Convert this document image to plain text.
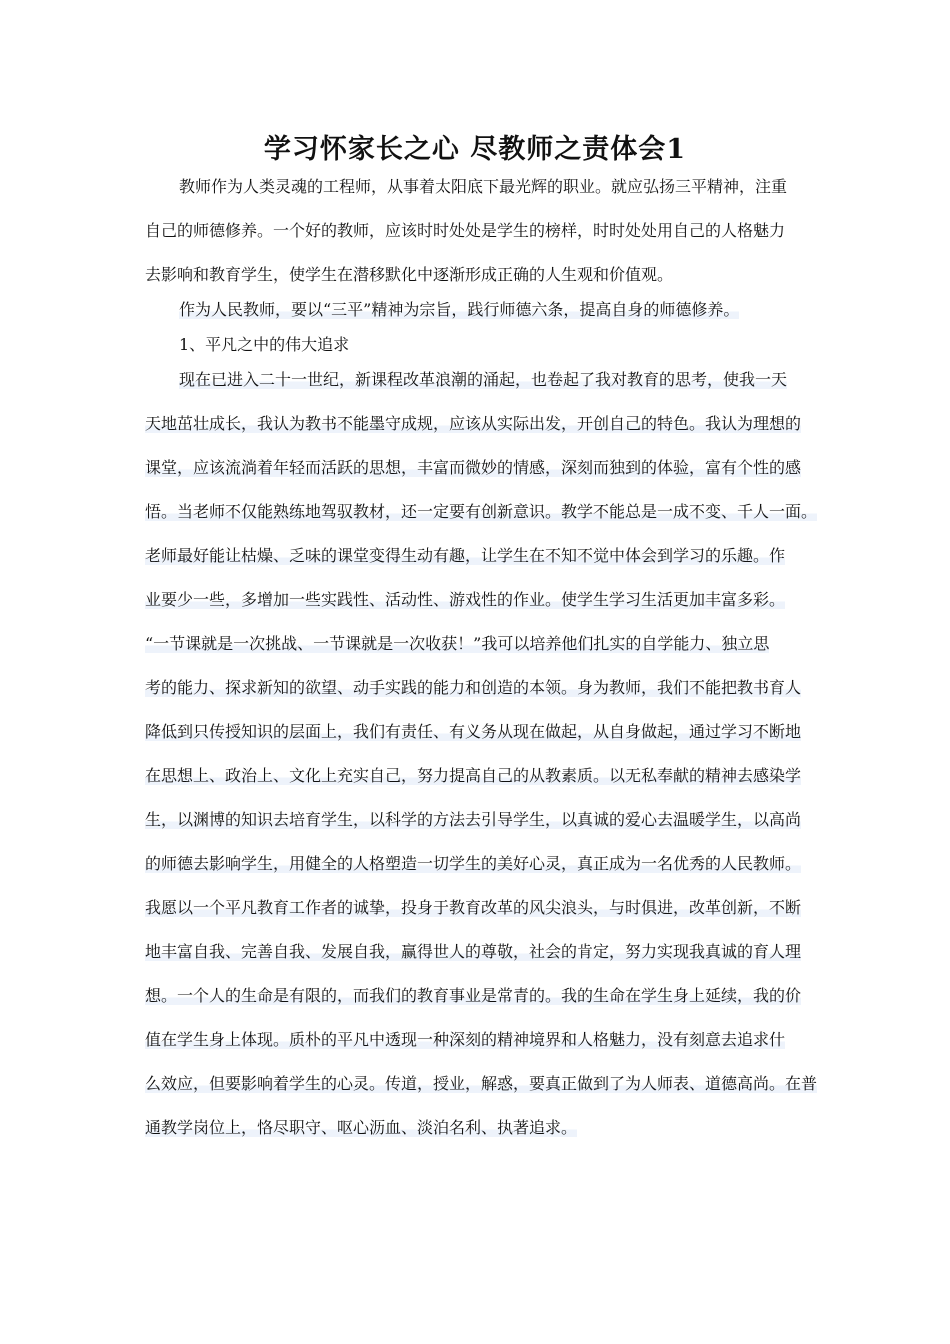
学习怀家长之心 尽教师之责体会1
教师作为人类灵魂的工程师，从事着太阳底下最光辉的职业。就应弘扬三平精神，注重
自己的师德修养。一个好的教师，应该时时处处是学生的榜样，时时处处用自己的人格魅力
去影响和教育学生，使学生在潜移默化中逐渐形成正确的人生观和价值观。
作为人民教师，要以“三平”精神为宗旨，践行师德六条，提高自身的师德修养。
1、平凡之中的伟大追求
现在已进入二十一世纪，新课程改革浪潮的涌起，也卷起了我对教育的思考，使我一天
天地茁壮成长，我认为教书不能墨守成规，应该从实际出发，开创自己的特色。我认为理想的
课堂，应该流淌着年轻而活跃的思想，丰富而微妙的情感，深刻而独到的体验，富有个性的感
悟。当老师不仅能熟练地驾驭教材，还一定要有创新意识。教学不能总是一成不变、千人一面。
老师最好能让枯燥、乏味的课堂变得生动有趣，让学生在不知不觉中体会到学习的乐趣。作
业要少一些，多增加一些实践性、活动性、游戏性的作业。使学生学习生活更加丰富多彩。
“一节课就是一次挑战、一节课就是一次收获！”我可以培养他们扎实的自学能力、独立思
考的能力、探求新知的欲望、动手实践的能力和创造的本领。身为教师，我们不能把教书育人
降低到只传授知识的层面上，我们有责任、有义务从现在做起，从自身做起，通过学习不断地
在思想上、政治上、文化上充实自己，努力提高自己的从教素质。以无私奉献的精神去感染学
生，以渊博的知识去培育学生，以科学的方法去引导学生，以真诚的爱心去温暖学生，以高尚
的师德去影响学生，用健全的人格塑造一切学生的美好心灵，真正成为一名优秀的人民教师。
我愿以一个平凡教育工作者的诚挚，投身于教育改革的风尖浪头，与时俱进，改革创新，不断
地丰富自我、完善自我、发展自我，赢得世人的尊敬，社会的肯定，努力实现我真诚的育人理
想。一个人的生命是有限的，而我们的教育事业是常青的。我的生命在学生身上延续，我的价
值在学生身上体现。质朴的平凡中透现一种深刻的精神境界和人格魅力，没有刻意去追求什
么效应，但要影响着学生的心灵。传道，授业，解惑，要真正做到了为人师表、道德高尚。在普
通教学岗位上，恪尽职守、呕心沥血、淡泊名利、执著追求。
